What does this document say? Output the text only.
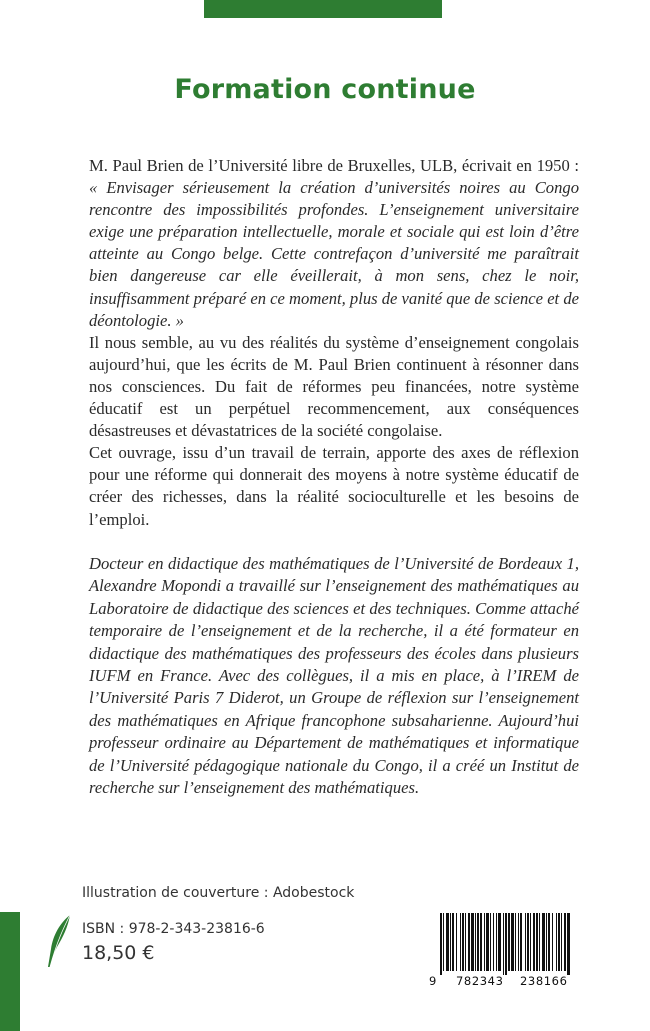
Formation continue

M. Paul Brien de l’Université libre de Bruxelles, ULB, écrivait en 1950 : « Envisager sérieusement la création d’universités noires au Congo rencontre des impossibilités profondes. L’enseignement universitaire exige une préparation intellectuelle, morale et sociale qui est loin d’être atteinte au Congo belge. Cette contrefaçon d’université me paraîtrait bien dangereuse car elle éveillerait, à mon sens, chez le noir, insuffisamment préparé en ce moment, plus de vanité que de science et de déontologie. »

Il nous semble, au vu des réalités du système d’enseignement congolais aujourd’hui, que les écrits de M. Paul Brien continuent à résonner dans nos consciences. Du fait de réformes peu financées, notre système éducatif est un perpétuel recommencement, aux conséquences désastreuses et dévastatrices de la société congolaise.

Cet ouvrage, issu d’un travail de terrain, apporte des axes de réflexion pour une réforme qui donnerait des moyens à notre système éducatif de créer des richesses, dans la réalité socioculturelle et les besoins de l’emploi.

Docteur en didactique des mathématiques de l’Université de Bordeaux 1, Alexandre Mopondi a travaillé sur l’enseignement des mathématiques au Laboratoire de didactique des sciences et des techniques. Comme attaché temporaire de l’enseignement et de la recherche, il a été formateur en didactique des mathématiques des professeurs des écoles dans plusieurs IUFM en France. Avec des collègues, il a mis en place, à l’IREM de l’Université Paris 7 Diderot, un Groupe de réflexion sur l’enseignement des mathématiques en Afrique francophone subsaharienne. Aujourd’hui professeur ordinaire au Département de mathématiques et informatique de l’Université pédagogique nationale du Congo, il a créé un Institut de recherche sur l’enseignement des mathématiques.

Illustration de couverture : Adobestock
ISBN : 978-2-343-23816-6
18,50 €
9 782343 238166
